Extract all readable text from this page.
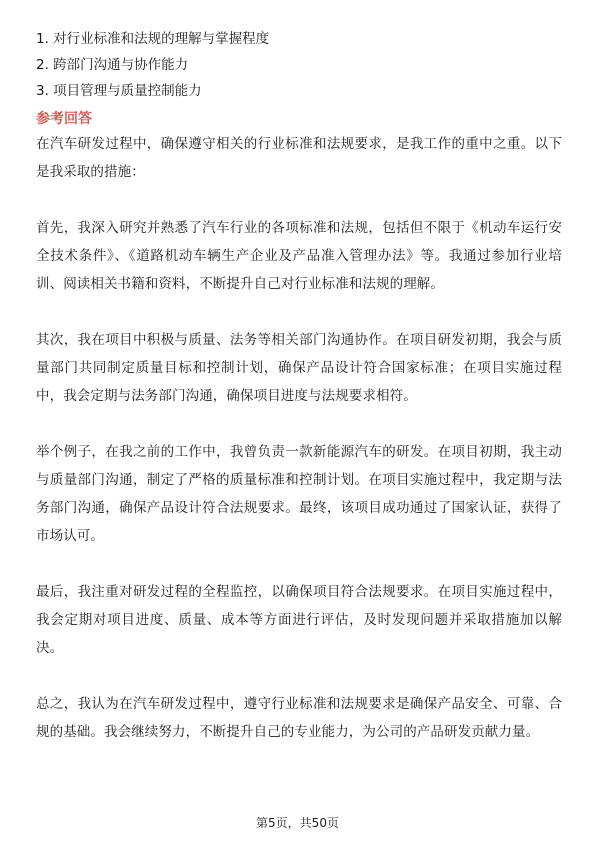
1. 对行业标准和法规的理解与掌握程度
2. 跨部门沟通与协作能力
3. 项目管理与质量控制能力
参考回答

在汽车研发过程中，确保遵守相关的行业标准和法规要求，是我工作的重中之重。以下是我采取的措施：

首先，我深入研究并熟悉了汽车行业的各项标准和法规，包括但不限于《机动车运行安全技术条件》、《道路机动车辆生产企业及产品准入管理办法》等。我通过参加行业培训、阅读相关书籍和资料，不断提升自己对行业标准和法规的理解。

其次，我在项目中积极与质量、法务等相关部门沟通协作。在项目研发初期，我会与质量部门共同制定质量目标和控制计划，确保产品设计符合国家标准；在项目实施过程中，我会定期与法务部门沟通，确保项目进度与法规要求相符。

举个例子，在我之前的工作中，我曾负责一款新能源汽车的研发。在项目初期，我主动与质量部门沟通，制定了严格的质量标准和控制计划。在项目实施过程中，我定期与法务部门沟通，确保产品设计符合法规要求。最终，该项目成功通过了国家认证，获得了市场认可。

最后，我注重对研发过程的全程监控，以确保项目符合法规要求。在项目实施过程中，我会定期对项目进度、质量、成本等方面进行评估，及时发现问题并采取措施加以解决。

总之，我认为在汽车研发过程中，遵守行业标准和法规要求是确保产品安全、可靠、合规的基础。我会继续努力，不断提升自己的专业能力，为公司的产品研发贡献力量。

第5页，共50页
